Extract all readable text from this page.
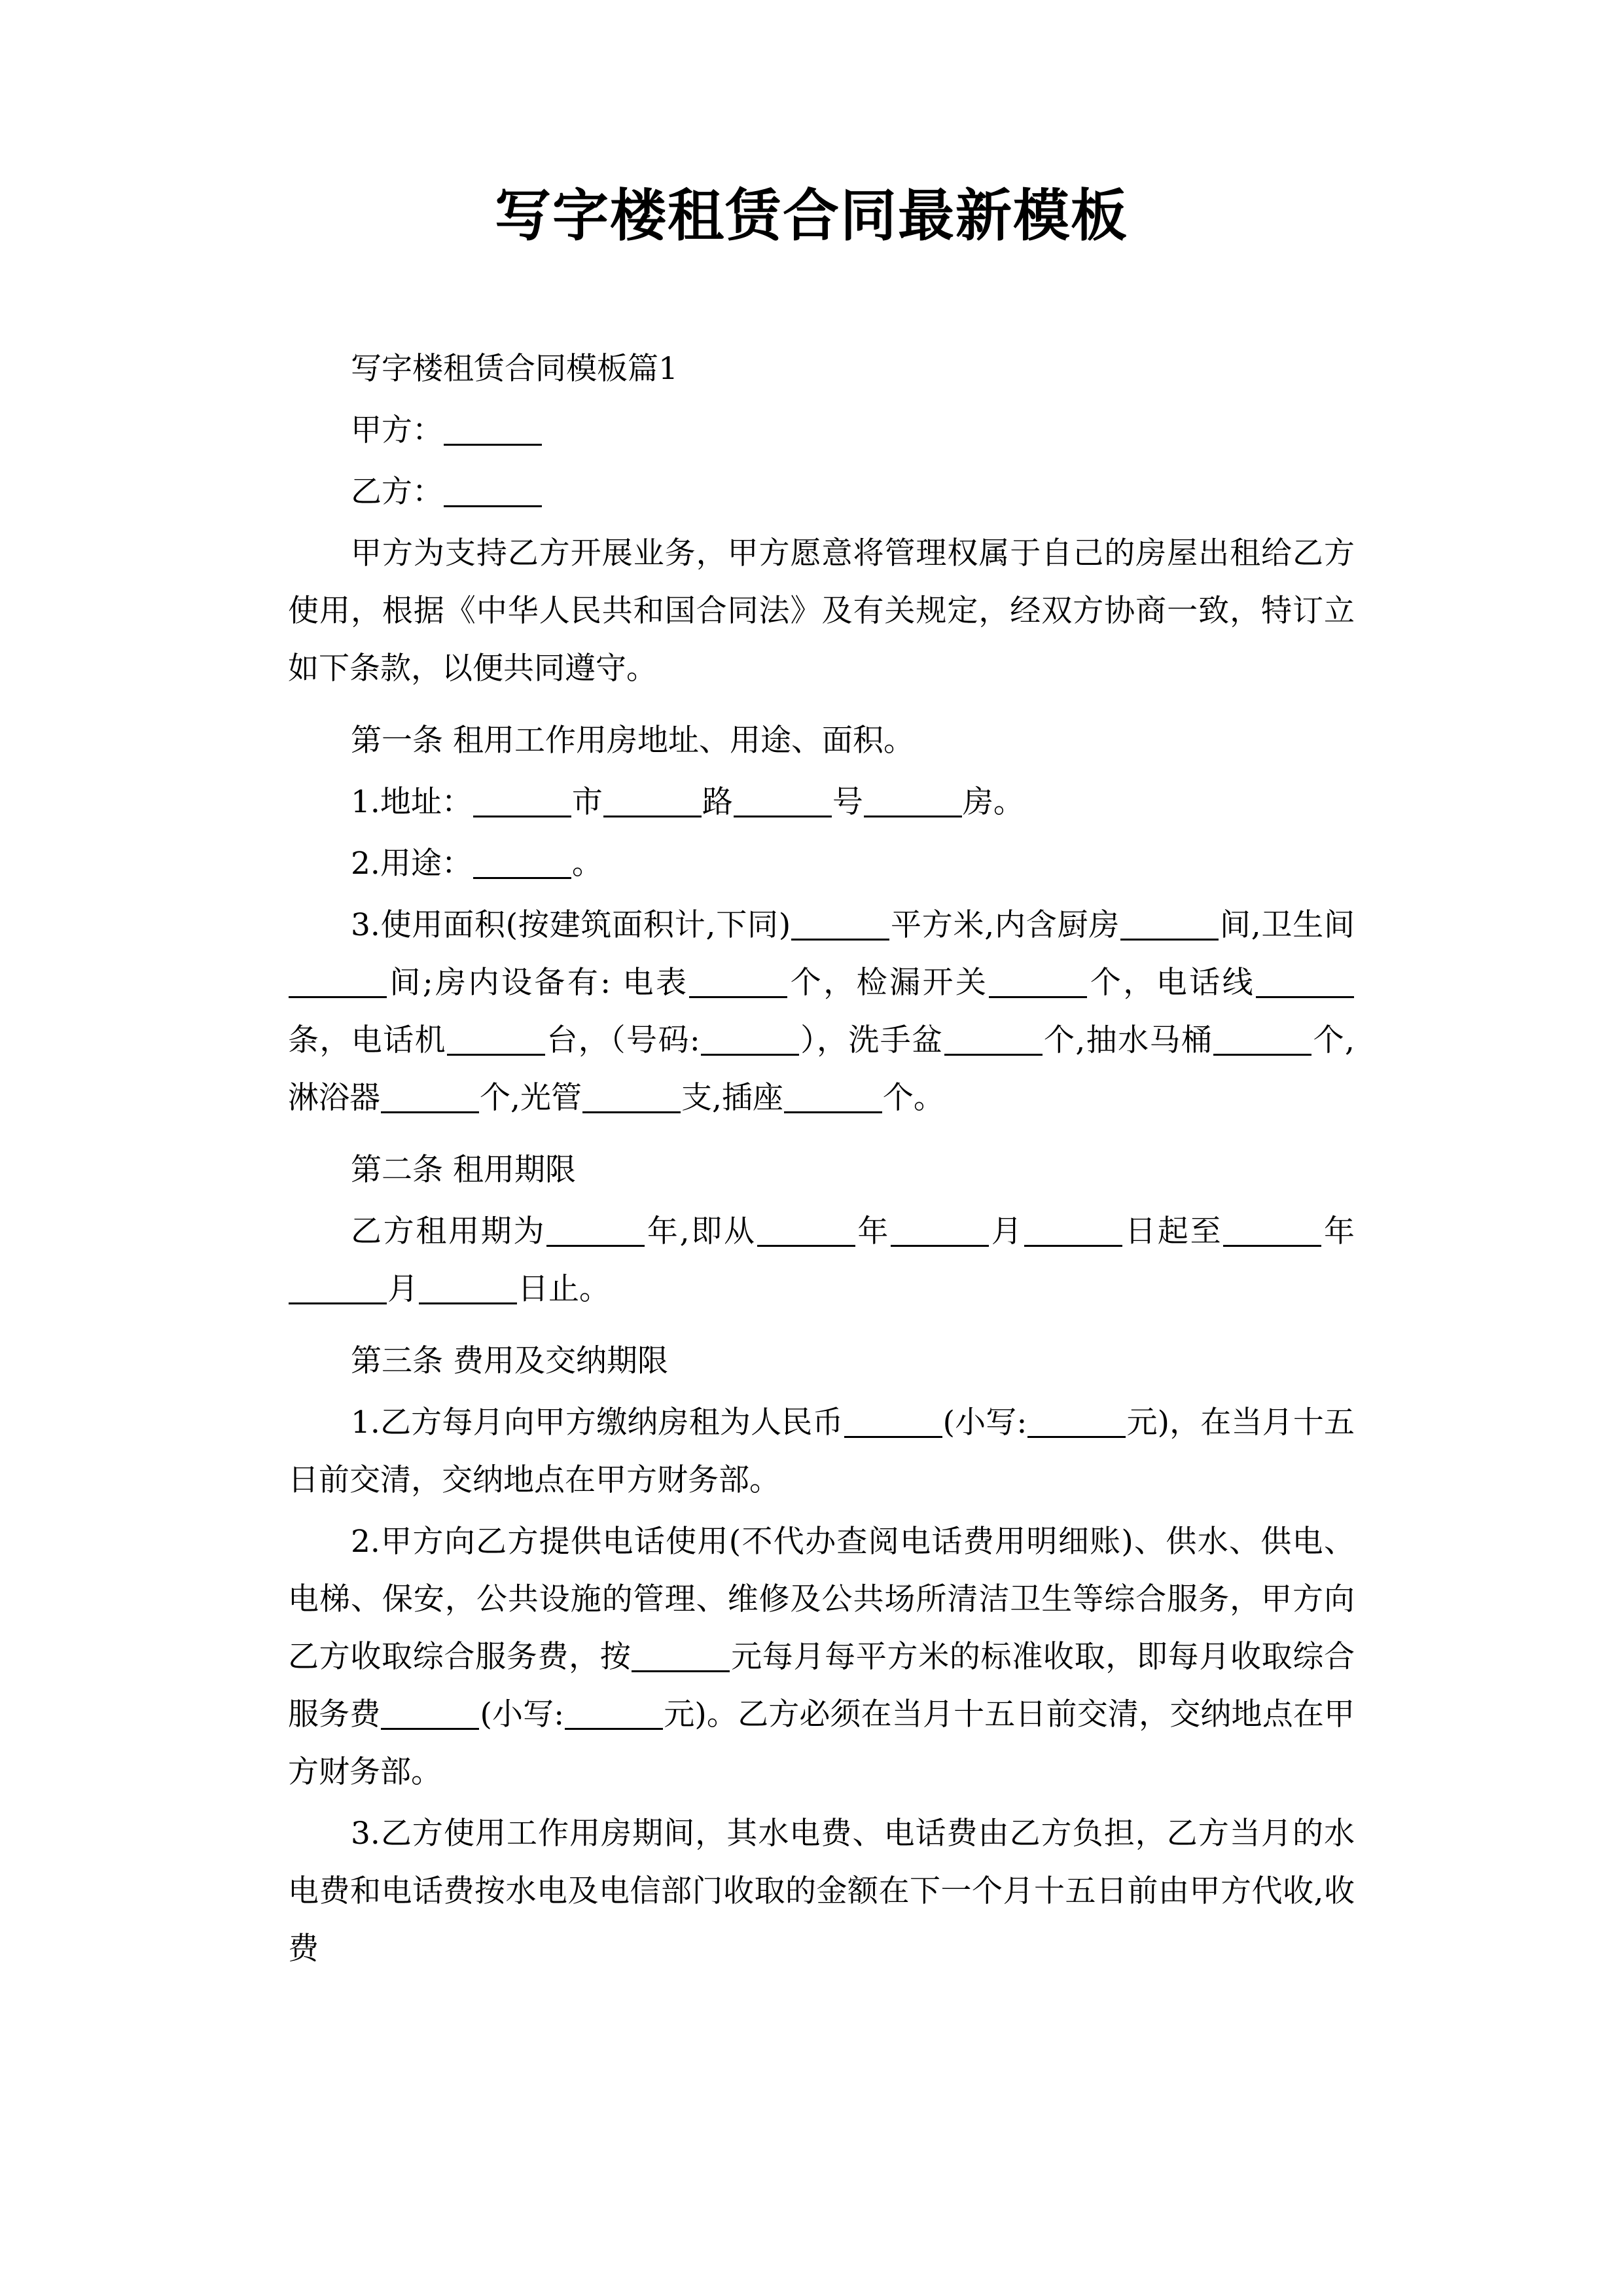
写字楼租赁合同最新模板

写字楼租赁合同模板篇1

甲方：

乙方：

甲方为支持乙方开展业务，甲方愿意将管理权属于自己的房屋出租给乙方使用，根据《中华人民共和国合同法》及有关规定，经双方协商一致，特订立如下条款，以便共同遵守。

第一条 租用工作用房地址、用途、面积。

1.地址：	市	路	号	房。

2.用途：	。

3.使用面积(按建筑面积计,下同)	平方米,内含厨房	间,卫生间间;房内设备有: 电表	个，检漏开关	个，电话线条，电话机	台，（号码:	），洗手盆	个,抽水马桶	个,淋浴器	个,光管	支,插座	个。

第二条 租用期限

乙方租用期为	年,即从	年	月	日起至	年月	日止。

第三条 费用及交纳期限

1.乙方每月向甲方缴纳房租为人民币	(小写:	元)，在当月十五日前交清，交纳地点在甲方财务部。

2.甲方向乙方提供电话使用(不代办查阅电话费用明细账)、供水、供电、电梯、保安，公共设施的管理、维修及公共场所清洁卫生等综合服务，甲方向乙方收取综合服务费，按	元每月每平方米的标准收取，即每月收取综合服务费	(小写:	元)。乙方必须在当月十五日前交清，交纳地点在甲方财务部。

3.乙方使用工作用房期间，其水电费、电话费由乙方负担，乙方当月的水电费和电话费按水电及电信部门收取的金额在下一个月十五日前由甲方代收,收费
